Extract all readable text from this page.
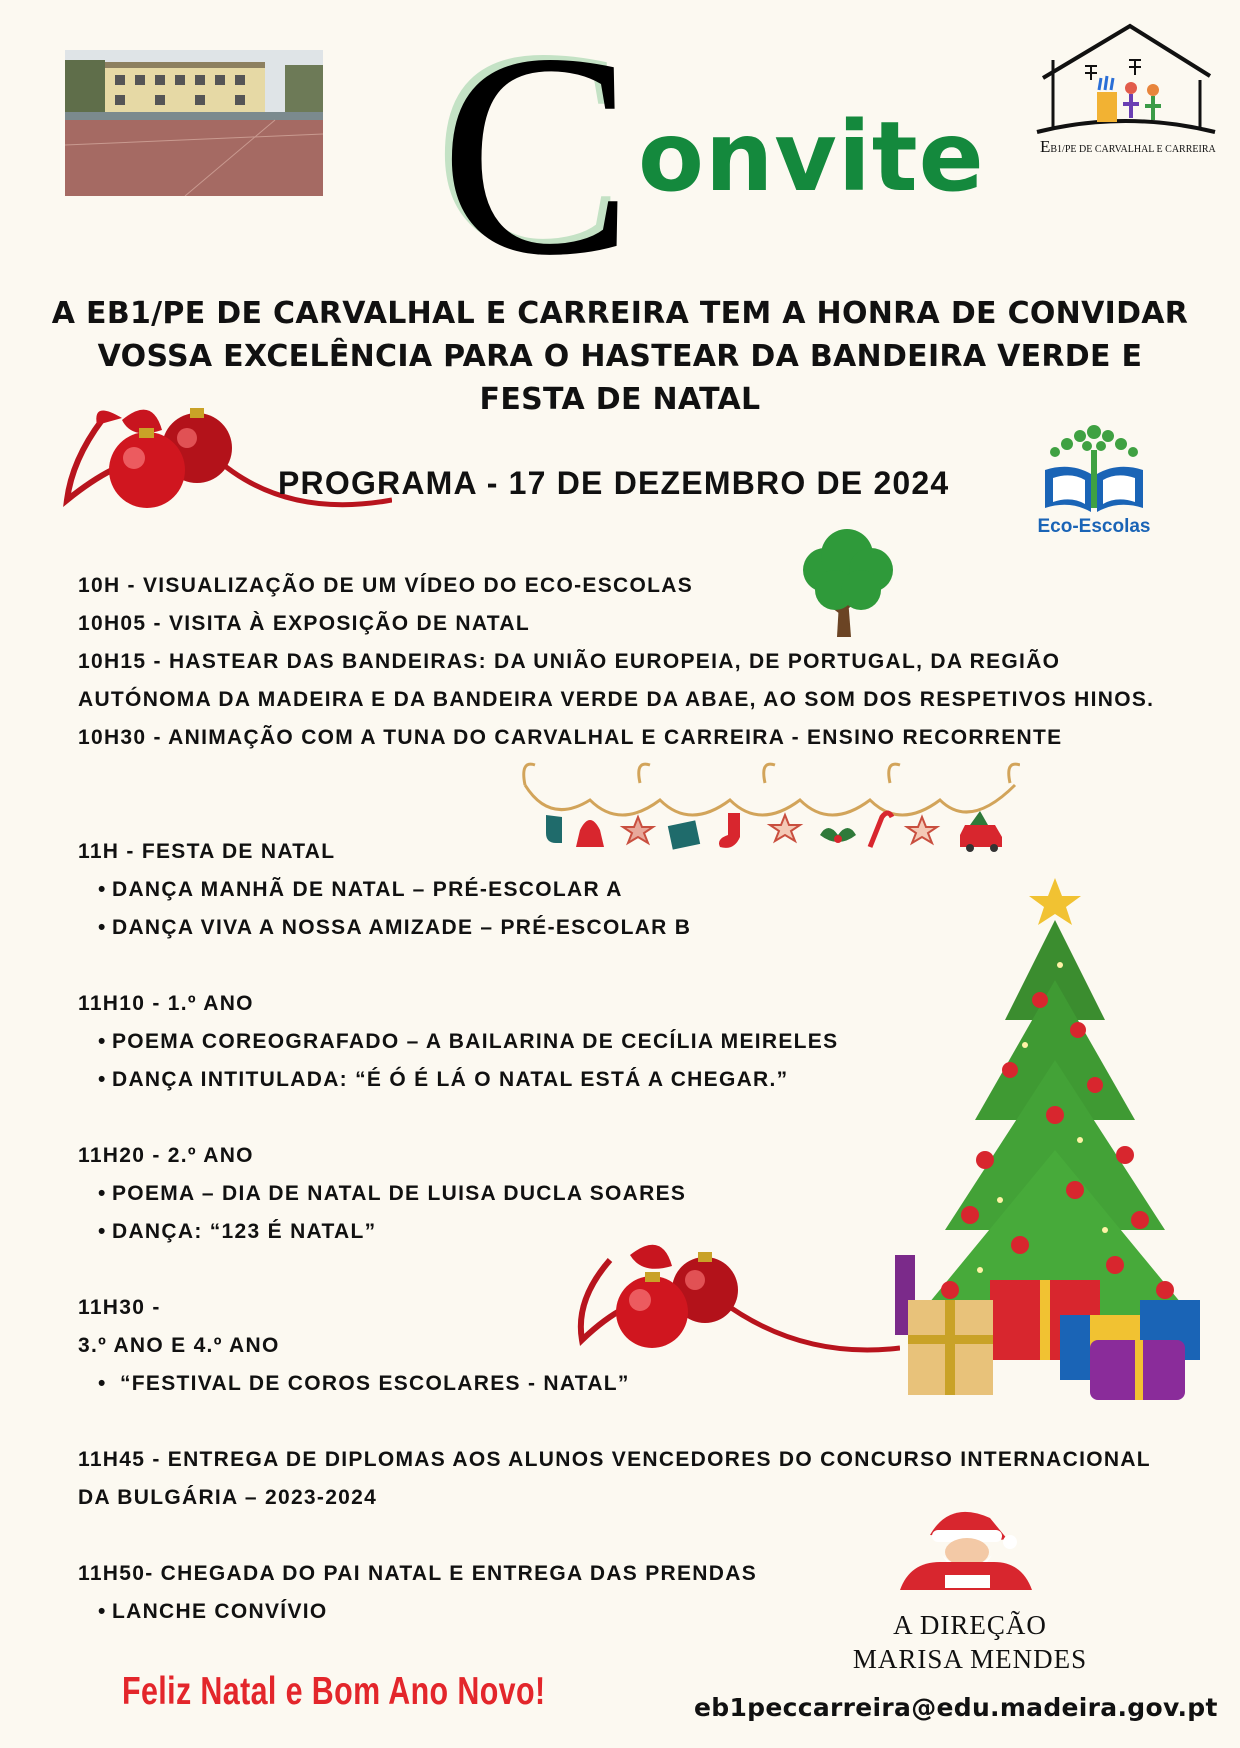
EB1/PE DE CARVALHAL E CARREIRA
C onvite
A EB1/PE DE CARVALHAL E CARREIRA TEM A HONRA DE CONVIDAR
VOSSA EXCELÊNCIA PARA O HASTEAR DA BANDEIRA VERDE E
FESTA DE NATAL
PROGRAMA - 17 DE DEZEMBRO DE 2024
Eco-Escolas
10H - VISUALIZAÇÃO DE UM VÍDEO DO ECO-ESCOLAS
10H05 - VISITA À EXPOSIÇÃO DE NATAL
10H15 - HASTEAR DAS BANDEIRAS: DA UNIÃO EUROPEIA, DE PORTUGAL, DA REGIÃO
AUTÓNOMA DA MADEIRA E DA BANDEIRA VERDE DA ABAE, AO SOM DOS RESPETIVOS HINOS.
10H30 - ANIMAÇÃO COM A TUNA DO CARVALHAL E CARREIRA - ENSINO RECORRENTE
11H - FESTA DE NATAL
• DANÇA MANHÃ DE NATAL – PRÉ-ESCOLAR A
• DANÇA VIVA A NOSSA AMIZADE – PRÉ-ESCOLAR B
11H10 - 1.º ANO
• POEMA COREOGRAFADO – A BAILARINA DE CECÍLIA MEIRELES
• DANÇA INTITULADA: “É Ó É LÁ O NATAL ESTÁ A CHEGAR.”
11H20 - 2.º ANO
• POEMA – DIA DE NATAL DE LUISA DUCLA SOARES
• DANÇA: “123 É NATAL”
11H30 -
3.º ANO E 4.º ANO
• “FESTIVAL DE COROS ESCOLARES - NATAL”
11H45 - ENTREGA DE DIPLOMAS AOS ALUNOS VENCEDORES DO CONCURSO INTERNACIONAL
DA BULGÁRIA – 2023-2024
11H50- CHEGADA DO PAI NATAL E ENTREGA DAS PRENDAS
• LANCHE CONVÍVIO	A DIREÇÃO
MARISA MENDES
Feliz Natal e Bom Ano Novo!	eb1peccarreira@edu.madeira.gov.pt
